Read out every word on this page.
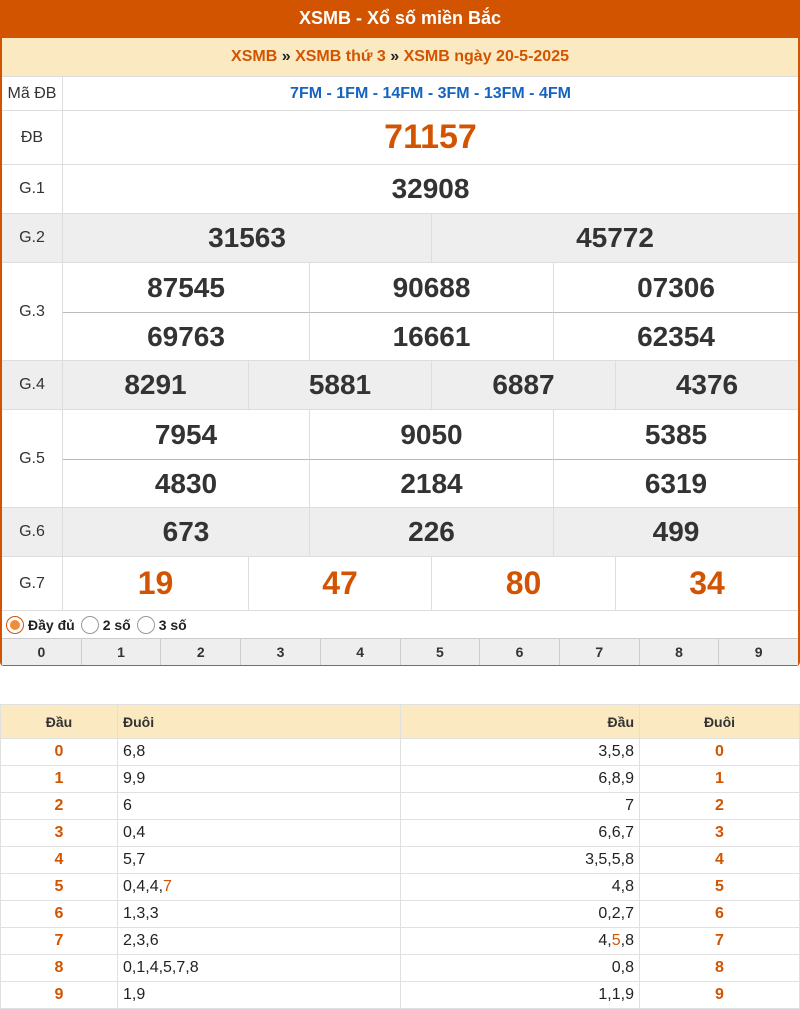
XSMB - Xổ số miền Bắc
XSMB » XSMB thứ 3 » XSMB ngày 20-5-2025
Mã ĐB	7FM - 1FM - 14FM - 3FM - 13FM - 4FM
ĐB	71157
G.1	32908
G.2	31563	45772
G.3
87545	90688	07306
69763	16661	62354
G.4	8291	5881	6887	4376
G.5
7954	9050	5385
4830	2184	6319
G.6	673	226	499
G.7	19	47	80	34
Đầy đủ 2 số 3 số
0	1	2	3	4	5	6	7	8	9
Đầu	Đuôi	Đầu	Đuôi
0	6,8	3,5,8	0
1	9,9	6,8,9	1
2	6	7	2
3	0,4	6,6,7	3
4	5,7	3,5,5,8	4
5	0,4,4,7	4,8	5
6	1,3,3	0,2,7	6
7	2,3,6	4,5,8	7
8	0,1,4,5,7,8	0,8	8
9	1,9	1,1,9	9
